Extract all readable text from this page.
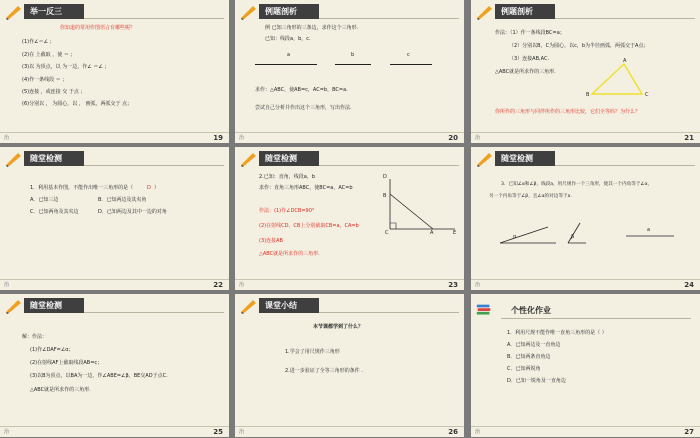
举一反三
你知道的常用作图语言有哪些呢？
(1)作∠＝∠ ；
(2)在 上截取 ，使 ＝ ；
(3)以 为顶点，以 为一边，作∠ ＝∠ ；
(4)作一条线段 ＝ ；
(5)连接 ，或连接 交 于点 ；
(6)分别以 ， 为圆心，以 ， 画弧，两弧交于 点；
治	19
例题剖析
例 已知三角形的三条边，求作这个三角形.
已知：线段a，b，c.
a	b	c
求作：△ABC，使AB=c，AC=b，BC=a.
尝试自己分析并作出这个三角形，写出作法.
治	20
例题剖析
作法：（1）作一条线段BC=a；
（2）分别以B，C为圆心，以c，b为半径画弧，两弧交于A点；
（3）连接AB,AC.
△ABC就是所求作的三角形.
A
B	C
你所作的三角形与同伴所作的三角形比较，它们全等吗？为什么？
治	21
随堂检测
1．利用基本作图，不能作出唯一三角形的是（	D ）
A．已知三边	B．已知两边及其夹角
C．已知两角及其夹边	D．已知两边及其中一边的对角
治	22
随堂检测
2.已知：直角，线段a，b
求作：直角三角形ABC，使BC=a，AC=b
作法：(1)作∠DCB=90°
(2)在射线CD、CB上分别截取CB=a，CA=b
(3)连接AB
△ABC就是所求作的三角形.
D
B
C	A	E
治	23
随堂检测
3．已知∠α和∠β，线段a，用尺规作一个三角形，使其一个内角等于∠α，
另一个内角等于∠β，且∠α的对边等于a.
α	β
a
治	24
随堂检测
解：作法：
(1)作∠DAF=∠α；
(2)在射线AF上截取线段AB=c；
(3)以B为顶点，以BA为一边，作∠ABE=∠β，BE交AD于点C.
△ABC就是所求作的三角形.
治	25
课堂小结
本节课都学到了什么？
1.学会了用尺规作三角形
2.进一步验证了全等三角形的条件 .
治	26
个性化作业
1．利用尺规不能作唯一直角三角形的是（ ）
A．已知两边及一直角边
B．已知两条直角边
C．已知两锐角
D．已知一锐角及一直角边
治	27
